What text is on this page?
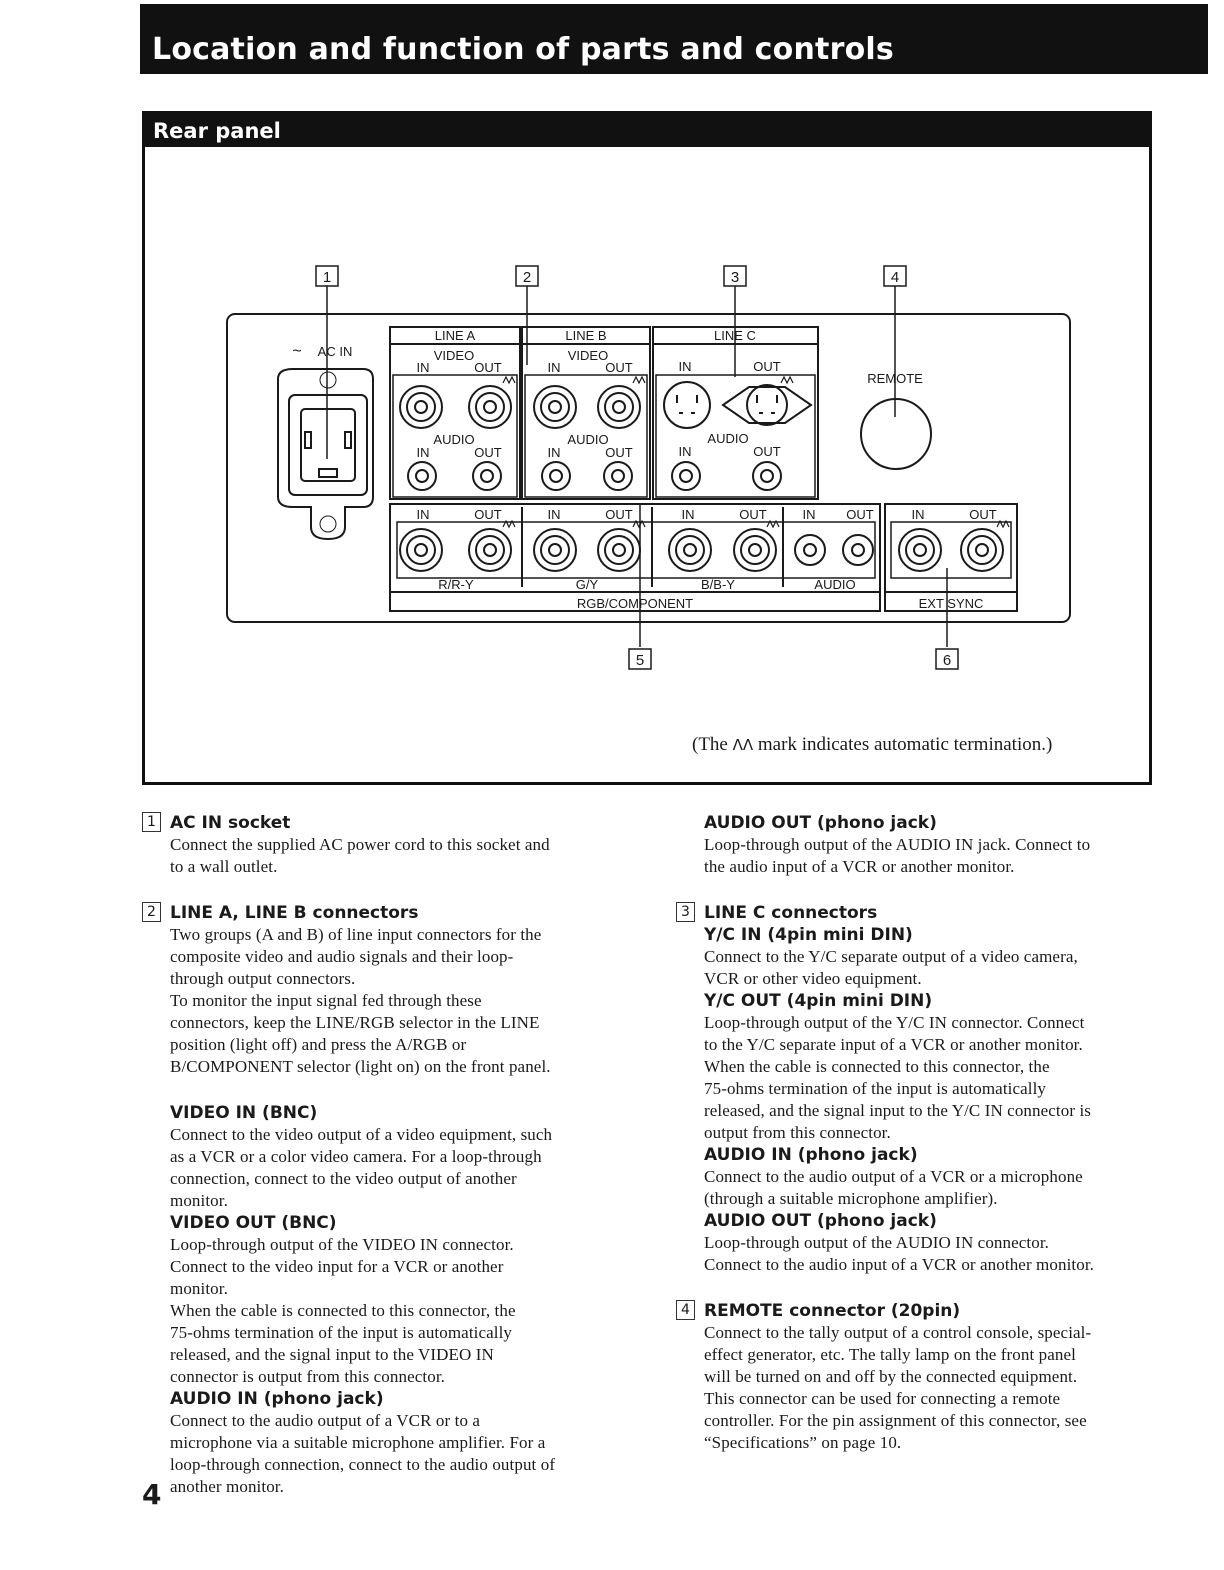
Location and function of parts and controls
Rear panel
1	2	3	4
5	6
~ AC IN
LINE A	LINE B	LINE C
VIDEO	VIDEO
IN	OUT	IN	OUT	IN	OUT
AUDIO	AUDIO	AUDIO
IN	OUT	IN	OUT	IN	OUT
REMOTE
IN	OUT	IN	OUT	IN	OUT	IN OUT	IN	OUT
R/R-Y	G/Y	B/B-Y	AUDIO
RGB/COMPONENT	EXT SYNC
(The ΛΛ mark indicates automatic termination.)
1 AC IN socket

Connect the supplied AC power cord to this socket and

to a wall outlet.

2 LINE A, LINE B connectors

Two groups (A and B) of line input connectors for the

composite video and audio signals and their loop-

through output connectors.

To monitor the input signal fed through these

connectors, keep the LINE/RGB selector in the LINE

position (light off) and press the A/RGB or

B/COMPONENT selector (light on) on the front panel.

VIDEO IN (BNC)

Connect to the video output of a video equipment, such

as a VCR or a color video camera. For a loop-through

connection, connect to the video output of another

monitor.

VIDEO OUT (BNC)

Loop-through output of the VIDEO IN connector.

Connect to the video input for a VCR or another

monitor.

When the cable is connected to this connector, the

75-ohms termination of the input is automatically

released, and the signal input to the VIDEO IN

connector is output from this connector.

AUDIO IN (phono jack)

Connect to the audio output of a VCR or to a

microphone via a suitable microphone amplifier. For a

loop-through connection, connect to the audio output of

another monitor.

AUDIO OUT (phono jack)

Loop-through output of the AUDIO IN jack. Connect to

the audio input of a VCR or another monitor.

3 LINE C connectors

Y/C IN (4pin mini DIN)

Connect to the Y/C separate output of a video camera,

VCR or other video equipment.

Y/C OUT (4pin mini DIN)

Loop-through output of the Y/C IN connector. Connect

to the Y/C separate input of a VCR or another monitor.

When the cable is connected to this connector, the

75-ohms termination of the input is automatically

released, and the signal input to the Y/C IN connector is

output from this connector.

AUDIO IN (phono jack)

Connect to the audio output of a VCR or a microphone

(through a suitable microphone amplifier).

AUDIO OUT (phono jack)

Loop-through output of the AUDIO IN connector.

Connect to the audio input of a VCR or another monitor.

4 REMOTE connector (20pin)

Connect to the tally output of a control console, special-

effect generator, etc. The tally lamp on the front panel

will be turned on and off by the connected equipment.

This connector can be used for connecting a remote

controller. For the pin assignment of this connector, see

“Specifications” on page 10.

4
